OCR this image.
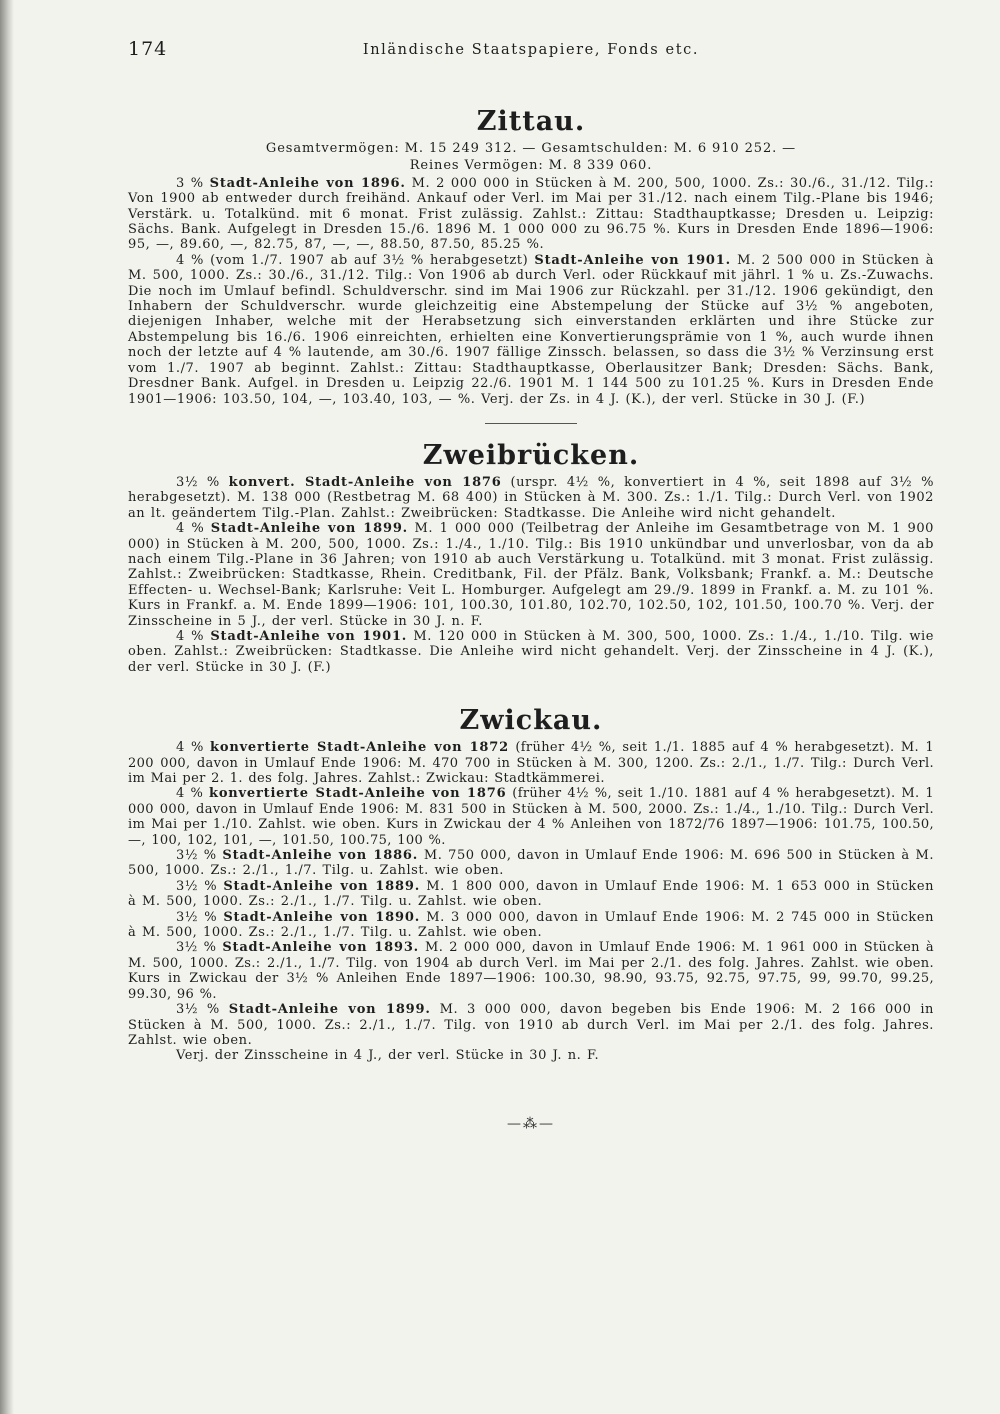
174	Inländische Staatspapiere, Fonds etc.
Zittau.
Gesamtvermögen: M. 15 249 312. — Gesamtschulden: M. 6 910 252. —
Reines Vermögen: M. 8 339 060.

3 % Stadt-Anleihe von 1896. M. 2 000 000 in Stücken à M. 200, 500, 1000. Zs.: 30./6., 31./12. Tilg.: Von 1900 ab entweder durch freihänd. Ankauf oder Verl. im Mai per 31./12. nach einem Tilg.-Plane bis 1946; Verstärk. u. Totalkünd. mit 6 monat. Frist zulässig. Zahlst.: Zittau: Stadthauptkasse; Dresden u. Leipzig: Sächs. Bank. Aufgelegt in Dresden 15./6. 1896 M. 1 000 000 zu 96.75 %. Kurs in Dresden Ende 1896—1906: 95, —, 89.60, —, 82.75, 87, —, —, 88.50, 87.50, 85.25 %.

4 % (vom 1./7. 1907 ab auf 3½ % herabgesetzt) Stadt-Anleihe von 1901. M. 2 500 000 in Stücken à M. 500, 1000. Zs.: 30./6., 31./12. Tilg.: Von 1906 ab durch Verl. oder Rückkauf mit jährl. 1 % u. Zs.-Zuwachs. Die noch im Umlauf befindl. Schuldverschr. sind im Mai 1906 zur Rückzahl. per 31./12. 1906 gekündigt, den Inhabern der Schuldverschr. wurde gleichzeitig eine Abstempelung der Stücke auf 3½ % angeboten, diejenigen Inhaber, welche mit der Herabsetzung sich einverstanden erklärten und ihre Stücke zur Abstempelung bis 16./6. 1906 einreichten, erhielten eine Konvertierungsprämie von 1 %, auch wurde ihnen noch der letzte auf 4 % lautende, am 30./6. 1907 fällige Zinssch. belassen, so dass die 3½ % Verzinsung erst vom 1./7. 1907 ab beginnt. Zahlst.: Zittau: Stadthauptkasse, Oberlausitzer Bank; Dresden: Sächs. Bank, Dresdner Bank. Aufgel. in Dresden u. Leipzig 22./6. 1901 M. 1 144 500 zu 101.25 %. Kurs in Dresden Ende 1901—1906: 103.50, 104, —, 103.40, 103, — %. Verj. der Zs. in 4 J. (K.), der verl. Stücke in 30 J. (F.)

Zweibrücken.

3½ % konvert. Stadt-Anleihe von 1876 (urspr. 4½ %, konvertiert in 4 %, seit 1898 auf 3½ % herabgesetzt). M. 138 000 (Restbetrag M. 68 400) in Stücken à M. 300. Zs.: 1./1. Tilg.: Durch Verl. von 1902 an lt. geändertem Tilg.-Plan. Zahlst.: Zweibrücken: Stadtkasse. Die Anleihe wird nicht gehandelt.

4 % Stadt-Anleihe von 1899. M. 1 000 000 (Teilbetrag der Anleihe im Gesamtbetrage von M. 1 900 000) in Stücken à M. 200, 500, 1000. Zs.: 1./4., 1./10. Tilg.: Bis 1910 unkündbar und unverlosbar, von da ab nach einem Tilg.-Plane in 36 Jahren; von 1910 ab auch Verstärkung u. Totalkünd. mit 3 monat. Frist zulässig. Zahlst.: Zweibrücken: Stadtkasse, Rhein. Creditbank, Fil. der Pfälz. Bank, Volksbank; Frankf. a. M.: Deutsche Effecten- u. Wechsel-Bank; Karlsruhe: Veit L. Homburger. Aufgelegt am 29./9. 1899 in Frankf. a. M. zu 101 %. Kurs in Frankf. a. M. Ende 1899—1906: 101, 100.30, 101.80, 102.70, 102.50, 102, 101.50, 100.70 %. Verj. der Zinsscheine in 5 J., der verl. Stücke in 30 J. n. F.

4 % Stadt-Anleihe von 1901. M. 120 000 in Stücken à M. 300, 500, 1000. Zs.: 1./4., 1./10. Tilg. wie oben. Zahlst.: Zweibrücken: Stadtkasse. Die Anleihe wird nicht gehandelt. Verj. der Zinsscheine in 4 J. (K.), der verl. Stücke in 30 J. (F.)

Zwickau.

4 % konvertierte Stadt-Anleihe von 1872 (früher 4½ %, seit 1./1. 1885 auf 4 % herabgesetzt). M. 1 200 000, davon in Umlauf Ende 1906: M. 470 700 in Stücken à M. 300, 1200. Zs.: 2./1., 1./7. Tilg.: Durch Verl. im Mai per 2. 1. des folg. Jahres. Zahlst.: Zwickau: Stadtkämmerei.

4 % konvertierte Stadt-Anleihe von 1876 (früher 4½ %, seit 1./10. 1881 auf 4 % herabgesetzt). M. 1 000 000, davon in Umlauf Ende 1906: M. 831 500 in Stücken à M. 500, 2000. Zs.: 1./4., 1./10. Tilg.: Durch Verl. im Mai per 1./10. Zahlst. wie oben. Kurs in Zwickau der 4 % Anleihen von 1872/76 1897—1906: 101.75, 100.50, —, 100, 102, 101, —, 101.50, 100.75, 100 %.

3½ % Stadt-Anleihe von 1886. M. 750 000, davon in Umlauf Ende 1906: M. 696 500 in Stücken à M. 500, 1000. Zs.: 2./1., 1./7. Tilg. u. Zahlst. wie oben.

3½ % Stadt-Anleihe von 1889. M. 1 800 000, davon in Umlauf Ende 1906: M. 1 653 000 in Stücken à M. 500, 1000. Zs.: 2./1., 1./7. Tilg. u. Zahlst. wie oben.

3½ % Stadt-Anleihe von 1890. M. 3 000 000, davon in Umlauf Ende 1906: M. 2 745 000 in Stücken à M. 500, 1000. Zs.: 2./1., 1./7. Tilg. u. Zahlst. wie oben.

3½ % Stadt-Anleihe von 1893. M. 2 000 000, davon in Umlauf Ende 1906: M. 1 961 000 in Stücken à M. 500, 1000. Zs.: 2./1., 1./7. Tilg. von 1904 ab durch Verl. im Mai per 2./1. des folg. Jahres. Zahlst. wie oben. Kurs in Zwickau der 3½ % Anleihen Ende 1897—1906: 100.30, 98.90, 93.75, 92.75, 97.75, 99, 99.70, 99.25, 99.30, 96 %.

3½ % Stadt-Anleihe von 1899. M. 3 000 000, davon begeben bis Ende 1906: M. 2 166 000 in Stücken à M. 500, 1000. Zs.: 2./1., 1./7. Tilg. von 1910 ab durch Verl. im Mai per 2./1. des folg. Jahres. Zahlst. wie oben.

Verj. der Zinsscheine in 4 J., der verl. Stücke in 30 J. n. F.

—⁂—
